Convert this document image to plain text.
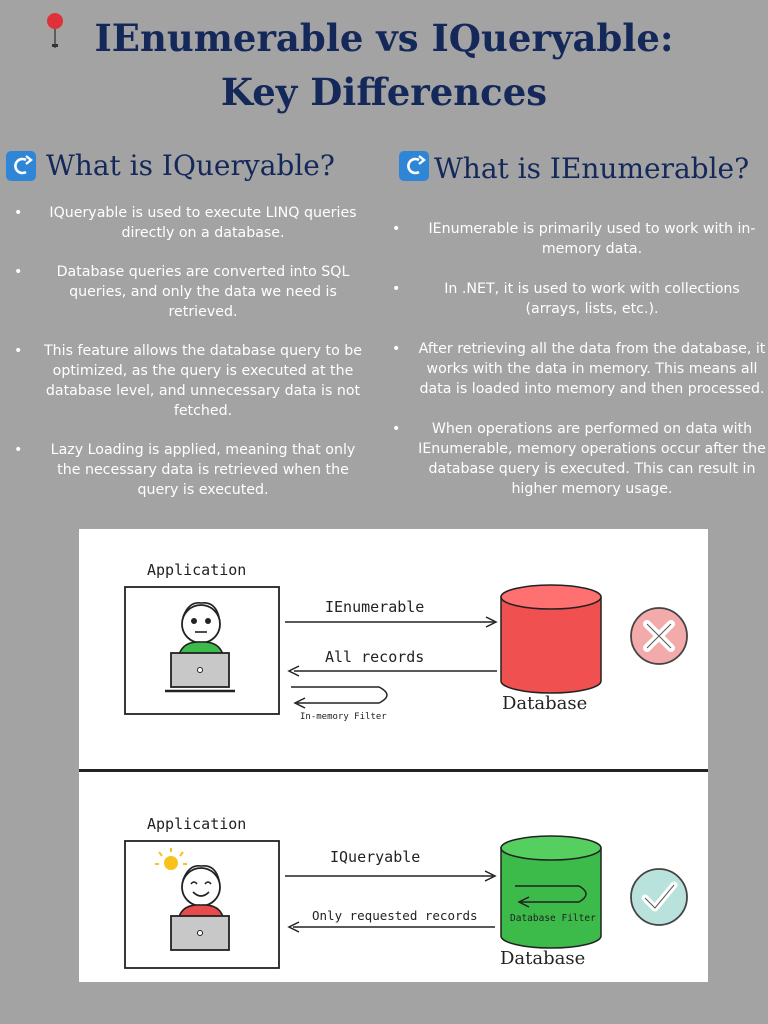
IEnumerable vs IQueryable:
Key Differences
What is IQueryable?
• IQueryable is used to execute LINQ queries directly on a database.
• Database queries are converted into SQL queries, and only the data we need is retrieved.
• This feature allows the database query to be optimized, as the query is executed at the database level, and unnecessary data is not fetched.
• Lazy Loading is applied, meaning that only the necessary data is retrieved when the query is executed.
What is IEnumerable?
• IEnumerable is primarily used to work with in-memory data.
• In .NET, it is used to work with collections (arrays, lists, etc.).
• After retrieving all the data from the database, it works with the data in memory. This means all data is loaded into memory and then processed.
• When operations are performed on data with IEnumerable, memory operations occur after the database query is executed. This can result in higher memory usage.
Application
IEnumerable
All records
In-memory Filter
Database
Application
IQueryable
Only requested records	Database Filter
Database
